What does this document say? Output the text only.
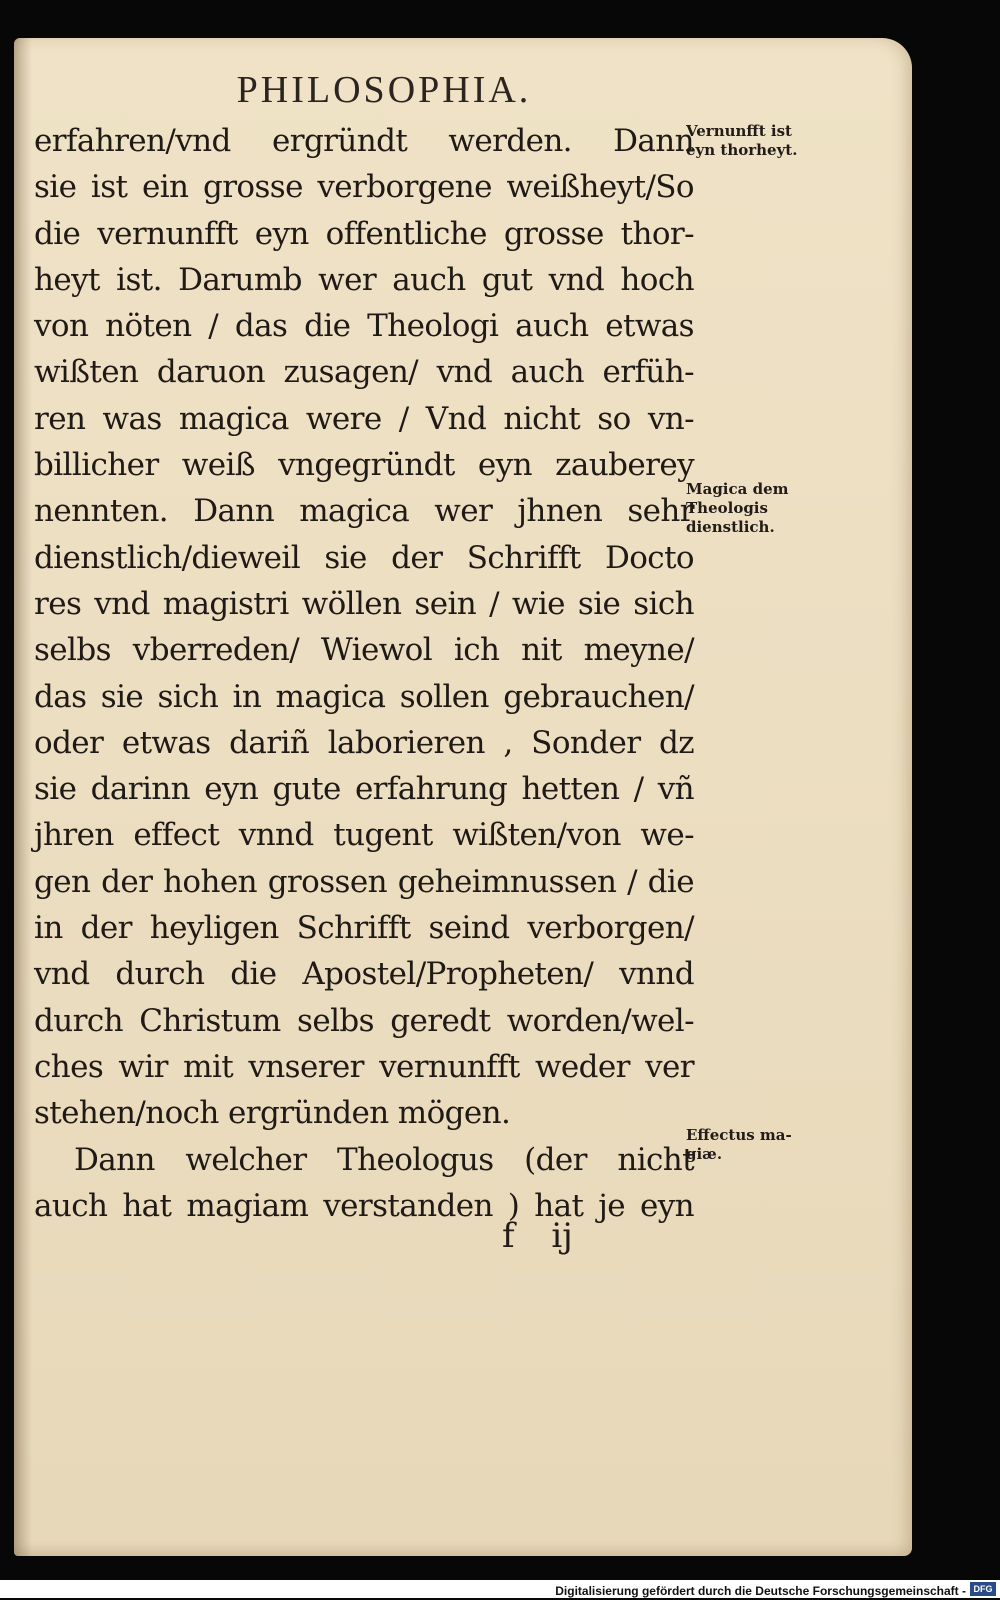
PHILOSOPHIA.
erfahren/vnd ergründt werden. Dann
sie ist ein grosse verborgene weißheyt/So
die vernunfft eyn offentliche grosse thor-
heyt ist. Darumb wer auch gut vnd hoch
von nöten / das die Theologi auch etwas
wißten daruon zusagen/ vnd auch erfüh-
ren was magica were / Vnd nicht so vn-
billicher weiß vngegründt eyn zauberey
nennten. Dann magica wer jhnen sehr
dienstlich/dieweil sie der Schrifft Docto
res vnd magistri wöllen sein / wie sie sich
selbs vberreden/ Wiewol ich nit meyne/
das sie sich in magica sollen gebrauchen/
oder etwas dariñ laborieren , Sonder dz
sie darinn eyn gute erfahrung hetten / vñ
jhren effect vnnd tugent wißten/von we-
gen der hohen grossen geheimnussen / die
in der heyligen Schrifft seind verborgen/
vnd durch die Apostel/Propheten/ vnnd
durch Christum selbs geredt worden/wel-
ches wir mit vnserer vernunfft weder ver
stehen/noch ergründen mögen.
Dann welcher Theologus (der nicht
auch hat magiam verstanden ) hat je eyn
Vernunfft ist
eyn thorheyt.
Magica dem
Theologis
dienstlich.
Effectus ma-
giæ.

f ij

Digitalisierung gefördert durch die Deutsche Forschungsgemeinschaft - DFG
